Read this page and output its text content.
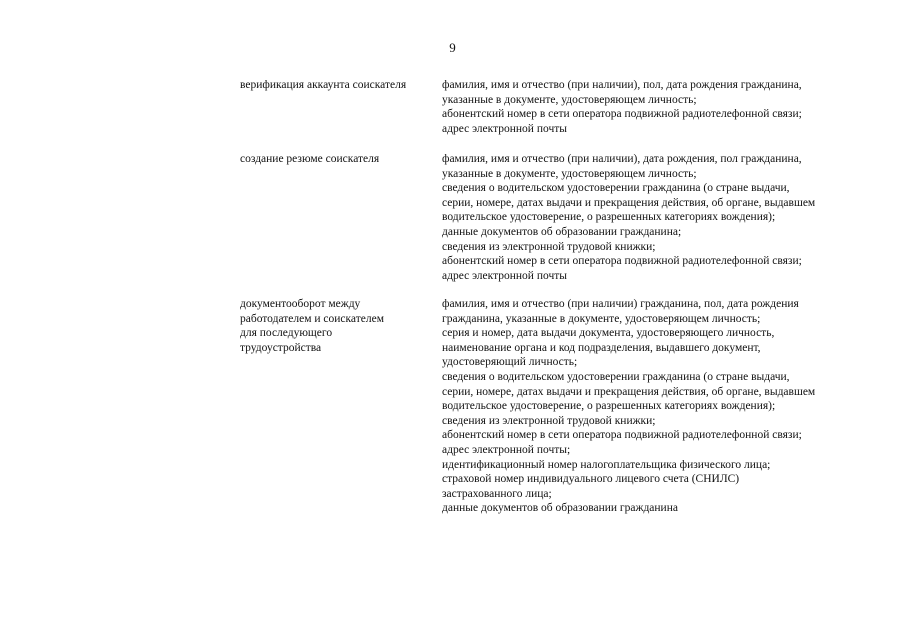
9
верификация аккаунта соискателя	фамилия, имя и отчество (при наличии), пол, дата рождения гражданина,
указанные в документе, удостоверяющем личность;
абонентский номер в сети оператора подвижной радиотелефонной связи;
адрес электронной почты
создание резюме соискателя	фамилия, имя и отчество (при наличии), дата рождения, пол гражданина,
указанные в документе, удостоверяющем личность;
сведения о водительском удостоверении гражданина (о стране выдачи,
серии, номере, датах выдачи и прекращения действия, об органе, выдавшем
водительское удостоверение, о разрешенных категориях вождения);
данные документов об образовании гражданина;
сведения из электронной трудовой книжки;
абонентский номер в сети оператора подвижной радиотелефонной связи;
адрес электронной почты
документооборот между
работодателем и соискателем
для последующего
трудоустройства
фамилия, имя и отчество (при наличии) гражданина, пол, дата рождения
гражданина, указанные в документе, удостоверяющем личность;
серия и номер, дата выдачи документа, удостоверяющего личность,
наименование органа и код подразделения, выдавшего документ,
удостоверяющий личность;
сведения о водительском удостоверении гражданина (о стране выдачи,
серии, номере, датах выдачи и прекращения действия, об органе, выдавшем
водительское удостоверение, о разрешенных категориях вождения);
сведения из электронной трудовой книжки;
абонентский номер в сети оператора подвижной радиотелефонной связи;
адрес электронной почты;
идентификационный номер налогоплательщика физического лица;
страховой номер индивидуального лицевого счета (СНИЛС)
застрахованного лица;
данные документов об образовании гражданина
